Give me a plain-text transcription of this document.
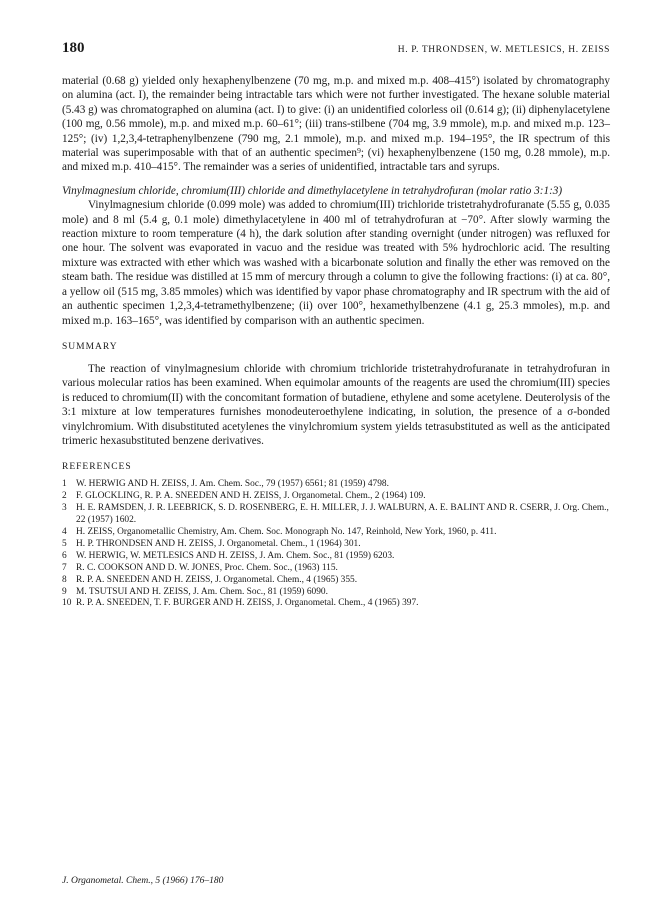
180	H. P. THRONDSEN, W. METLESICS, H. ZEISS

material (0.68 g) yielded only hexaphenylbenzene (70 mg, m.p. and mixed m.p. 408–415°) isolated by chromatography on alumina (act. I), the remainder being intractable tars which were not further investigated. The hexane soluble material (5.43 g) was chromatographed on alumina (act. I) to give: (i) an unidentified colorless oil (0.614 g); (ii) diphenylacetylene (100 mg, 0.56 mmole), m.p. and mixed m.p. 60–61°; (iii) trans-stilbene (704 mg, 3.9 mmole), m.p. and mixed m.p. 123–125°; (iv) 1,2,3,4-tetraphenylbenzene (790 mg, 2.1 mmole), m.p. and mixed m.p. 194–195°, the IR spectrum of this material was superimposable with that of an authentic specimen⁹; (vi) hexaphenylbenzene (150 mg, 0.28 mmole), m.p. and mixed m.p. 410–415°. The remainder was a series of unidentified, intractable tars and syrups.

Vinylmagnesium chloride, chromium(III) chloride and dimethylacetylene in tetrahydrofuran (molar ratio 3:1:3)

Vinylmagnesium chloride (0.099 mole) was added to chromium(III) trichloride tristetrahydrofuranate (5.55 g, 0.035 mole) and 8 ml (5.4 g, 0.1 mole) dimethylacetylene in 400 ml of tetrahydrofuran at −70°. After slowly warming the reaction mixture to room temperature (4 h), the dark solution after standing overnight (under nitrogen) was refluxed for one hour. The solvent was evaporated in vacuo and the residue was treated with 5% hydrochloric acid. The resulting mixture was extracted with ether which was washed with a bicarbonate solution and finally the ether was removed on the steam bath. The residue was distilled at 15 mm of mercury through a column to give the following fractions: (i) at ca. 80°, a yellow oil (515 mg, 3.85 mmoles) which was identified by vapor phase chromatography and IR spectrum with the aid of an authentic specimen 1,2,3,4-tetramethylbenzene; (ii) over 100°, hexamethylbenzene (4.1 g, 25.3 mmoles), m.p. and mixed m.p. 163–165°, was identified by comparison with an authentic specimen.

SUMMARY

The reaction of vinylmagnesium chloride with chromium trichloride tristetrahydrofuranate in tetrahydrofuran in various molecular ratios has been examined. When equimolar amounts of the reagents are used the chromium(III) species is reduced to chromium(II) with the concomitant formation of butadiene, ethylene and some acetylene. Deuterolysis of the 3:1 mixture at low temperatures furnishes monodeuteroethylene indicating, in solution, the presence of a σ-bonded vinylchromium. With disubstituted acetylenes the vinylchromium system yields tetrasubstituted as well as the anticipated trimeric hexasubstituted benzene derivatives.

REFERENCES
1 W. HERWIG AND H. ZEISS, J. Am. Chem. Soc., 79 (1957) 6561; 81 (1959) 4798.
2 F. GLOCKLING, R. P. A. SNEEDEN AND H. ZEISS, J. Organometal. Chem., 2 (1964) 109.
3 H. E. RAMSDEN, J. R. LEEBRICK, S. D. ROSENBERG, E. H. MILLER, J. J. WALBURN, A. E. BALINT AND R. CSERR, J. Org. Chem., 22 (1957) 1602.
4 H. ZEISS, Organometallic Chemistry, Am. Chem. Soc. Monograph No. 147, Reinhold, New York, 1960, p. 411.
5 H. P. THRONDSEN AND H. ZEISS, J. Organometal. Chem., 1 (1964) 301.
6 W. HERWIG, W. METLESICS AND H. ZEISS, J. Am. Chem. Soc., 81 (1959) 6203.
7 R. C. COOKSON AND D. W. JONES, Proc. Chem. Soc., (1963) 115.
8 R. P. A. SNEEDEN AND H. ZEISS, J. Organometal. Chem., 4 (1965) 355.
9 M. TSUTSUI AND H. ZEISS, J. Am. Chem. Soc., 81 (1959) 6090.
10 R. P. A. SNEEDEN, T. F. BURGER AND H. ZEISS, J. Organometal. Chem., 4 (1965) 397.
J. Organometal. Chem., 5 (1966) 176–180
